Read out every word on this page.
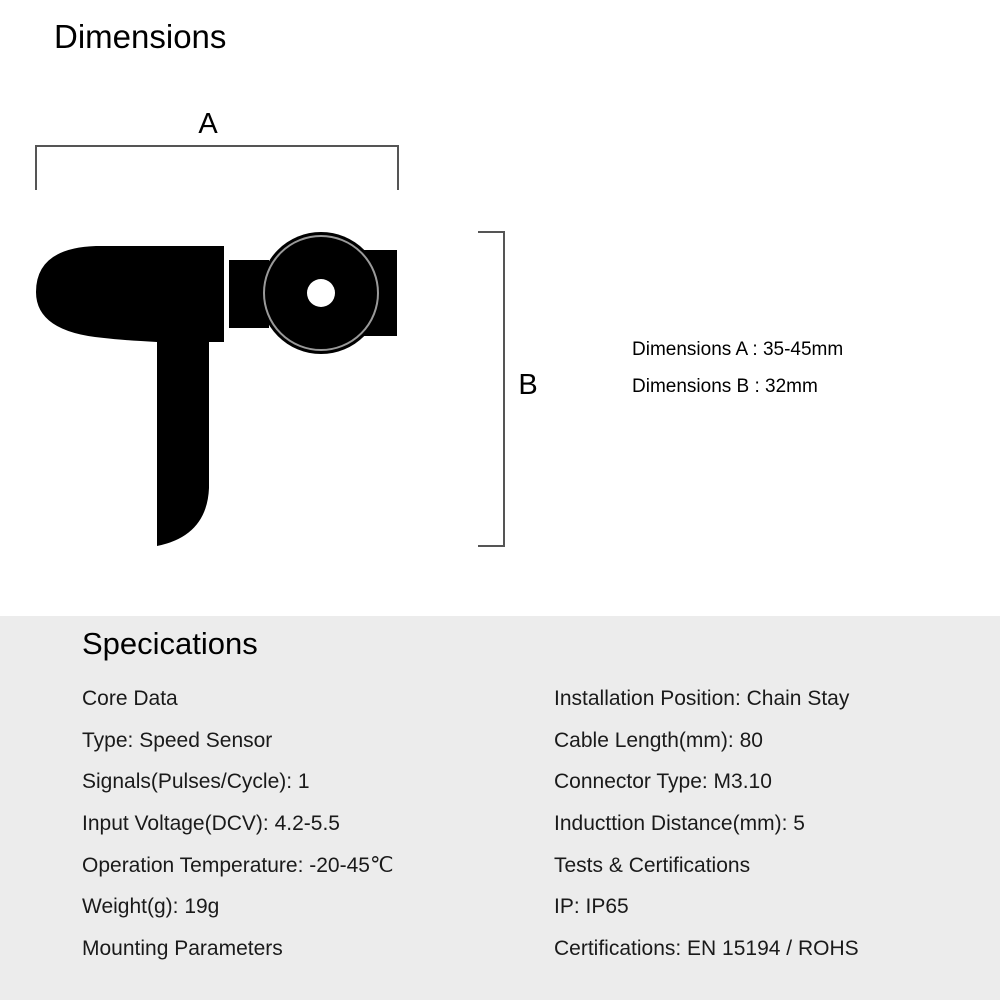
Dimensions
A
B
Dimensions A : 35-45mm
Dimensions B : 32mm
Specications
Core Data
Type: Speed Sensor
Signals(Pulses/Cycle): 1
Input Voltage(DCV): 4.2-5.5
Operation Temperature: -20-45℃
Weight(g): 19g
Mounting Parameters
Installation Position: Chain Stay
Cable Length(mm): 80
Connector Type: M3.10
Inducttion Distance(mm): 5
Tests & Certifications
IP: IP65
Certifications: EN 15194 / ROHS
